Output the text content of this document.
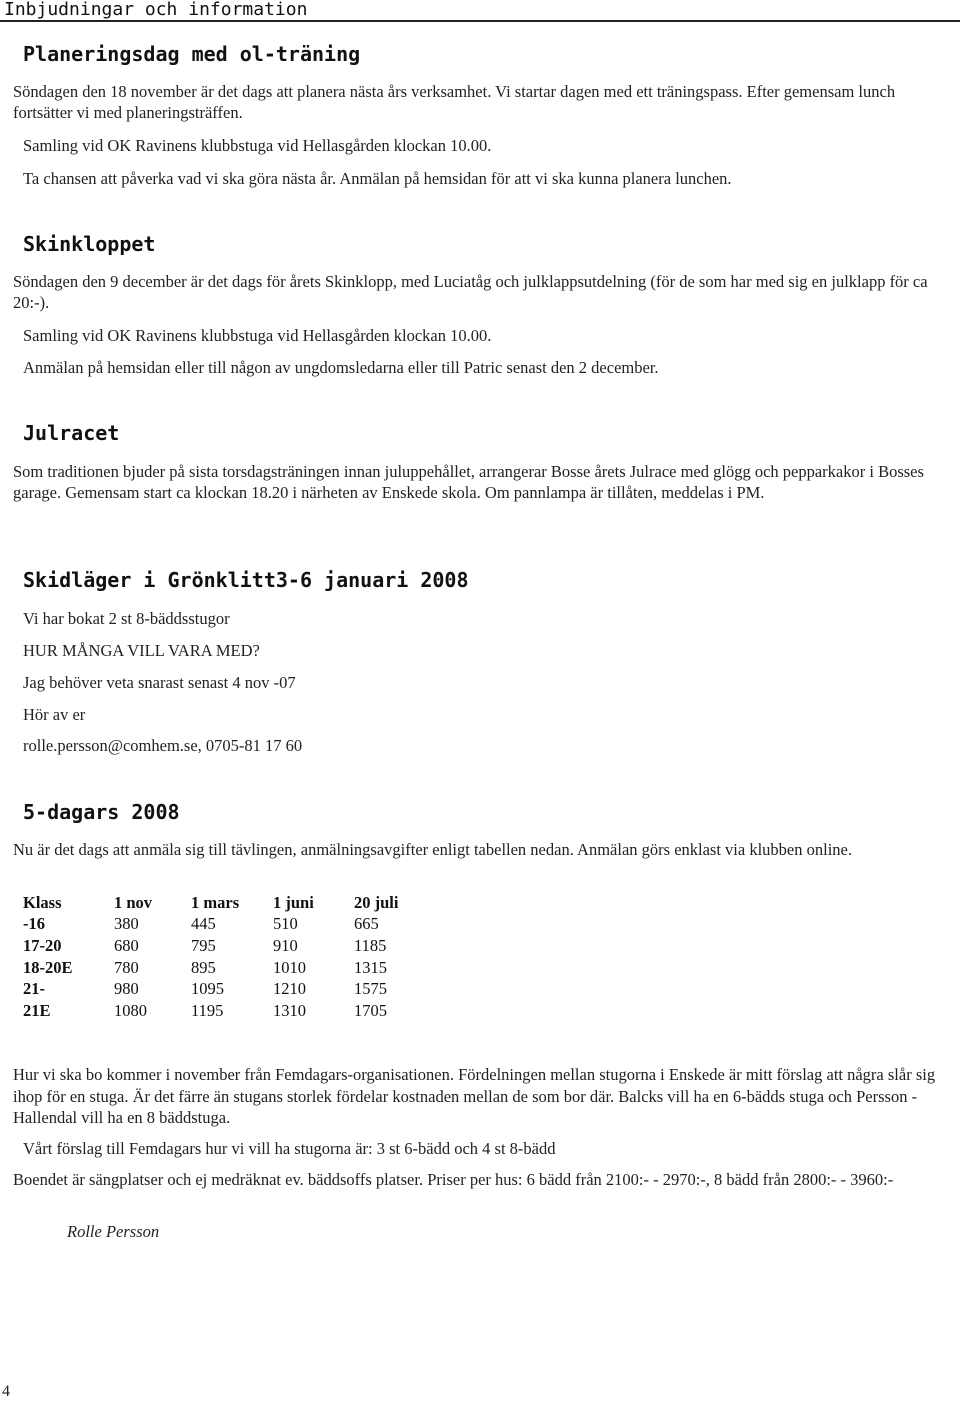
Inbjudningar och information
Planeringsdag med ol-träning

Söndagen den 18 november är det dags att planera nästa års verksamhet. Vi startar dagen med ett träningspass. Efter gemensam lunch fortsätter vi med planeringsträffen.

Samling vid OK Ravinens klubbstuga vid Hellasgården klockan 10.00.

Ta chansen att påverka vad vi ska göra nästa år. Anmälan på hemsidan för att vi ska kunna planera lunchen.

Skinkloppet

Söndagen den 9 december är det dags för årets Skinklopp, med Luciatåg och julklappsutdelning (för de som har med sig en julklapp för ca 20:-).

Samling vid OK Ravinens klubbstuga vid Hellasgården klockan 10.00.

Anmälan på hemsidan eller till någon av ungdomsledarna eller till Patric senast den 2 december.

Julracet

Som traditionen bjuder på sista torsdagsträningen innan juluppehållet, arrangerar Bosse årets Julrace med glögg och pepparkakor i Bosses garage. Gemensam start ca klockan 18.20 i närheten av Enskede skola. Om pannlampa är tillåten, meddelas i PM.

Skidläger i Grönklitt3-6 januari 2008

Vi har bokat 2 st 8-bäddsstugor

HUR MÅNGA VILL VARA MED?

Jag behöver veta snarast senast 4 nov -07

Hör av er

rolle.persson@comhem.se, 0705-81 17 60

5-dagars 2008

Nu är det dags att anmäla sig till tävlingen, anmälningsavgifter enligt tabellen nedan. Anmälan görs enklast via klubben online.

Klass	1 nov	1 mars	1 juni	20 juli
-16	380	445	510	665
17-20	680	795	910	1185
18-20E	780	895	1010	1315
21-	980	1095	1210	1575
21E	1080	1195	1310	1705

Hur vi ska bo kommer i november från Femdagars-organisationen. Fördelningen mellan stugorna i Enskede är mitt förslag att några slår sig ihop för en stuga. Är det färre än stugans storlek fördelar kostnaden mellan de som bor där. Balcks vill ha en 6-bädds stuga och Persson - Hallendal vill ha en 8 bäddstuga.

Vårt förslag till Femdagars hur vi vill ha stugorna är: 3 st 6-bädd och 4 st 8-bädd

Boendet är sängplatser och ej medräknat ev. bäddsoffs platser. Priser per hus: 6 bädd från 2100:- - 2970:-, 8 bädd från 2800:- - 3960:-

Rolle Persson
4
